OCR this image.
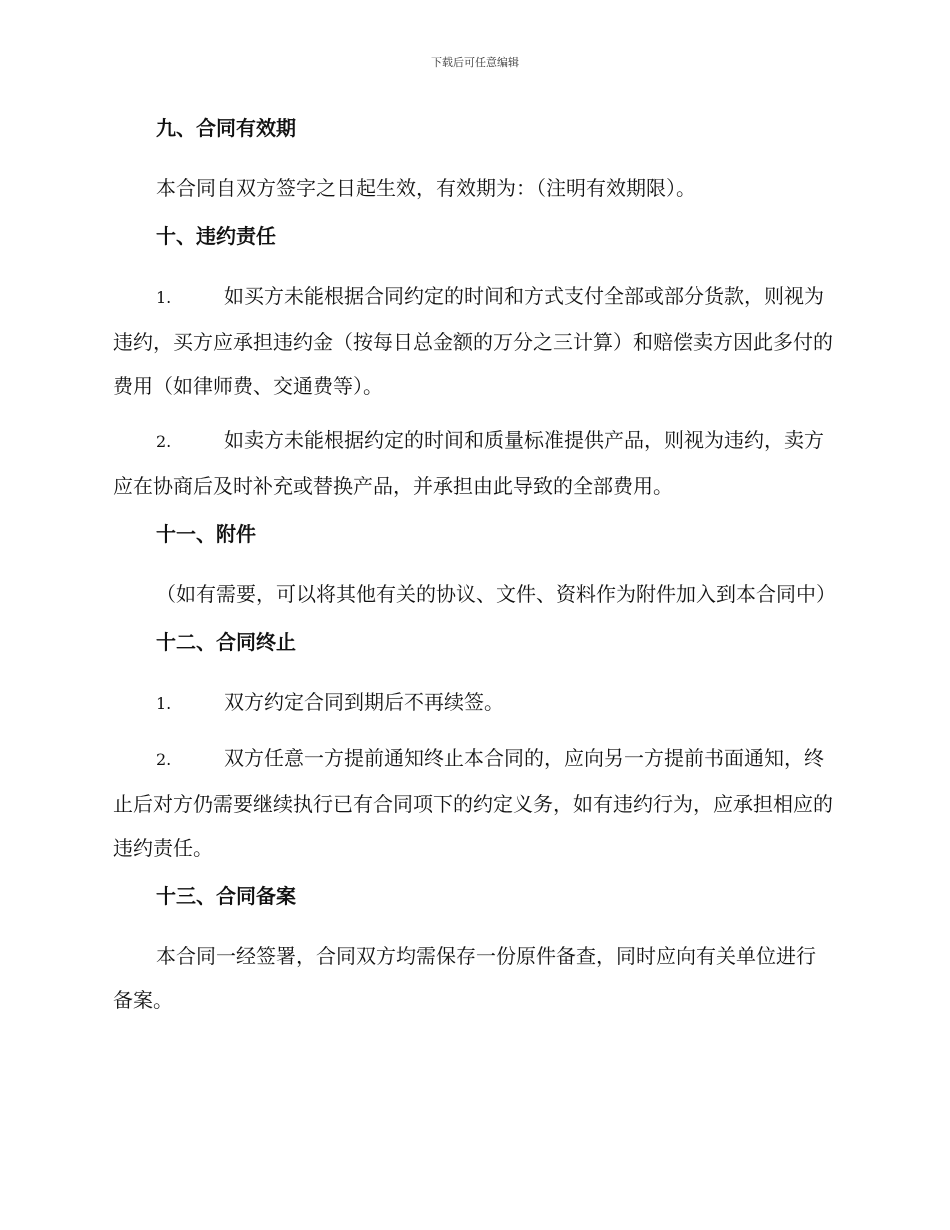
下载后可任意编辑
九、合同有效期

本合同自双方签字之日起生效，有效期为：（注明有效期限）。

十、违约责任

1.	如买方未能根据合同约定的时间和方式支付全部或部分货款，则视为违约，买方应承担违约金（按每日总金额的万分之三计算）和赔偿卖方因此多付的费用（如律师费、交通费等）。

2.	如卖方未能根据约定的时间和质量标准提供产品，则视为违约，卖方应在协商后及时补充或替换产品，并承担由此导致的全部费用。

十一、附件

（如有需要，可以将其他有关的协议、文件、资料作为附件加入到本合同中）

十二、合同终止

1.	双方约定合同到期后不再续签。

2.	双方任意一方提前通知终止本合同的，应向另一方提前书面通知，终止后对方仍需要继续执行已有合同项下的约定义务，如有违约行为，应承担相应的违约责任。

十三、合同备案

本合同一经签署，合同双方均需保存一份原件备查，同时应向有关单位进行备案。
